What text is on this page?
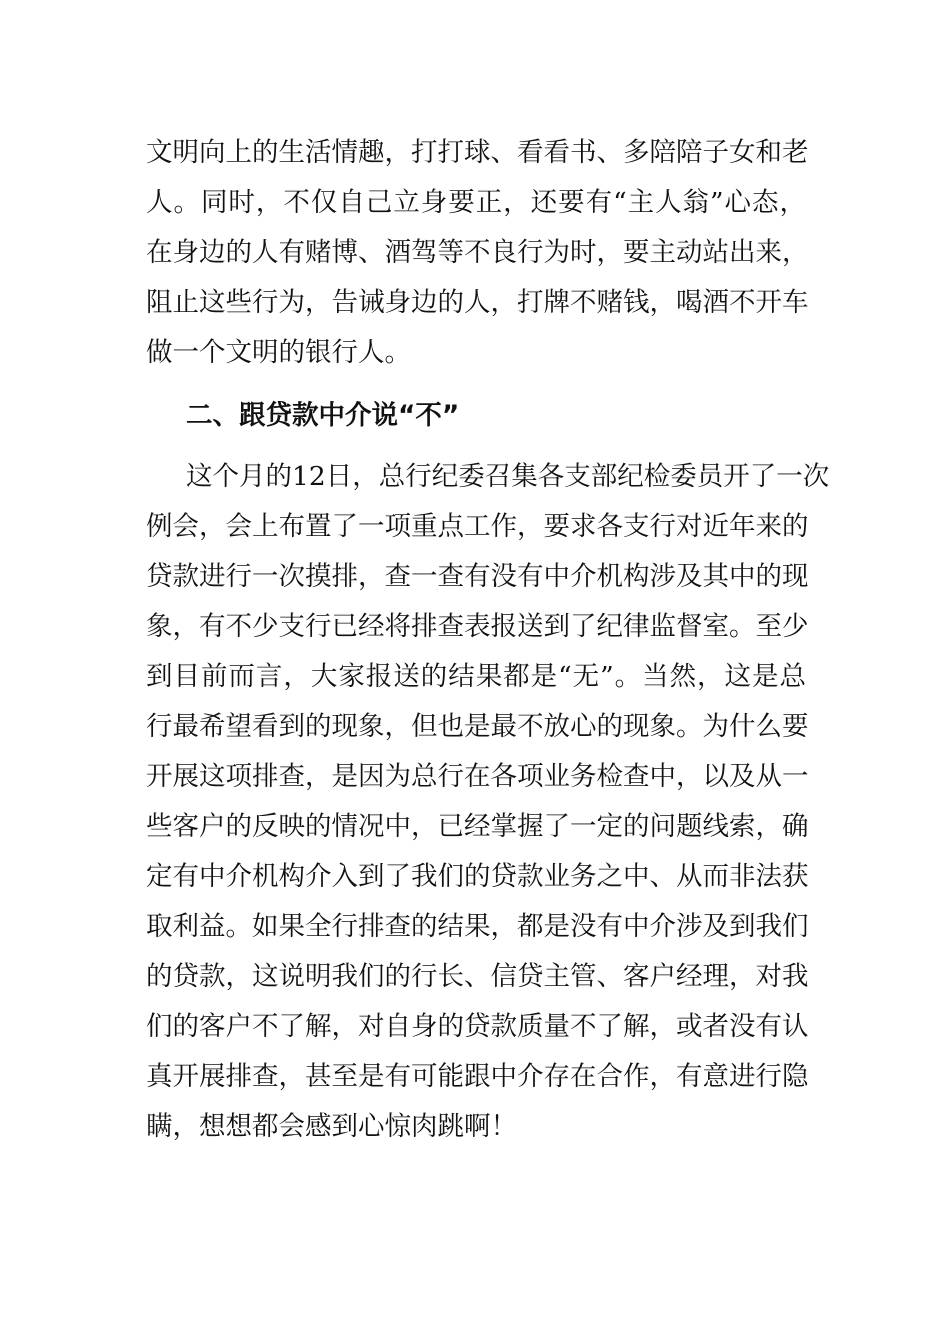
文明向上的生活情趣，打打球、看看书、多陪陪子女和老
人。同时，不仅自己立身要正，还要有“主人翁”心态，
在身边的人有赌博、酒驾等不良行为时，要主动站出来，
阻止这些行为，告诫身边的人，打牌不赌钱，喝酒不开车
做一个文明的银行人。
二、跟贷款中介说“不”
这个月的12日，总行纪委召集各支部纪检委员开了一次
例会，会上布置了一项重点工作，要求各支行对近年来的
贷款进行一次摸排，查一查有没有中介机构涉及其中的现
象，有不少支行已经将排查表报送到了纪律监督室。至少
到目前而言，大家报送的结果都是“无”。当然，这是总
行最希望看到的现象，但也是最不放心的现象。为什么要
开展这项排查，是因为总行在各项业务检查中，以及从一
些客户的反映的情况中，已经掌握了一定的问题线索，确
定有中介机构介入到了我们的贷款业务之中、从而非法获
取利益。如果全行排查的结果，都是没有中介涉及到我们
的贷款，这说明我们的行长、信贷主管、客户经理，对我
们的客户不了解，对自身的贷款质量不了解，或者没有认
真开展排查，甚至是有可能跟中介存在合作，有意进行隐
瞒，想想都会感到心惊肉跳啊！
